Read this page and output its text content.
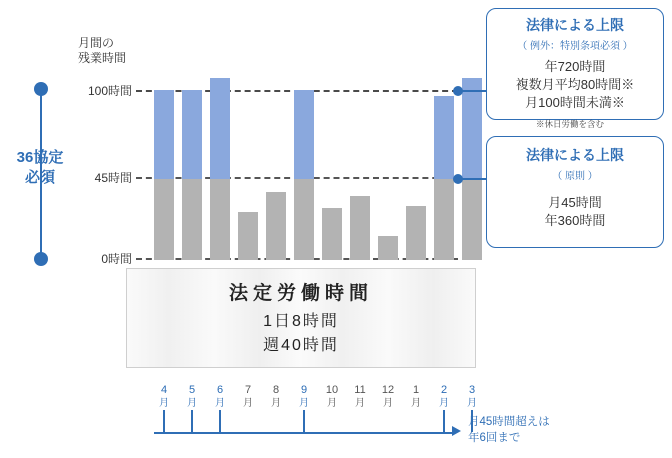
36協定
必須
月間の
残業時間
100時間
45時間
0時間
法定労働時間
1日8時間
週40時間
4
月
5
月
6
月
7
月
8
月
9
月
10
月
11
月
12
月
1
月
2
月
3
月
月45時間超えは
年6回まで
法律による上限
（ 例外：特別条項必須 ）
年720時間
複数月平均80時間※
月100時間未満※
※休日労働を含む
法律による上限
（ 原則 ）
月45時間
年360時間
